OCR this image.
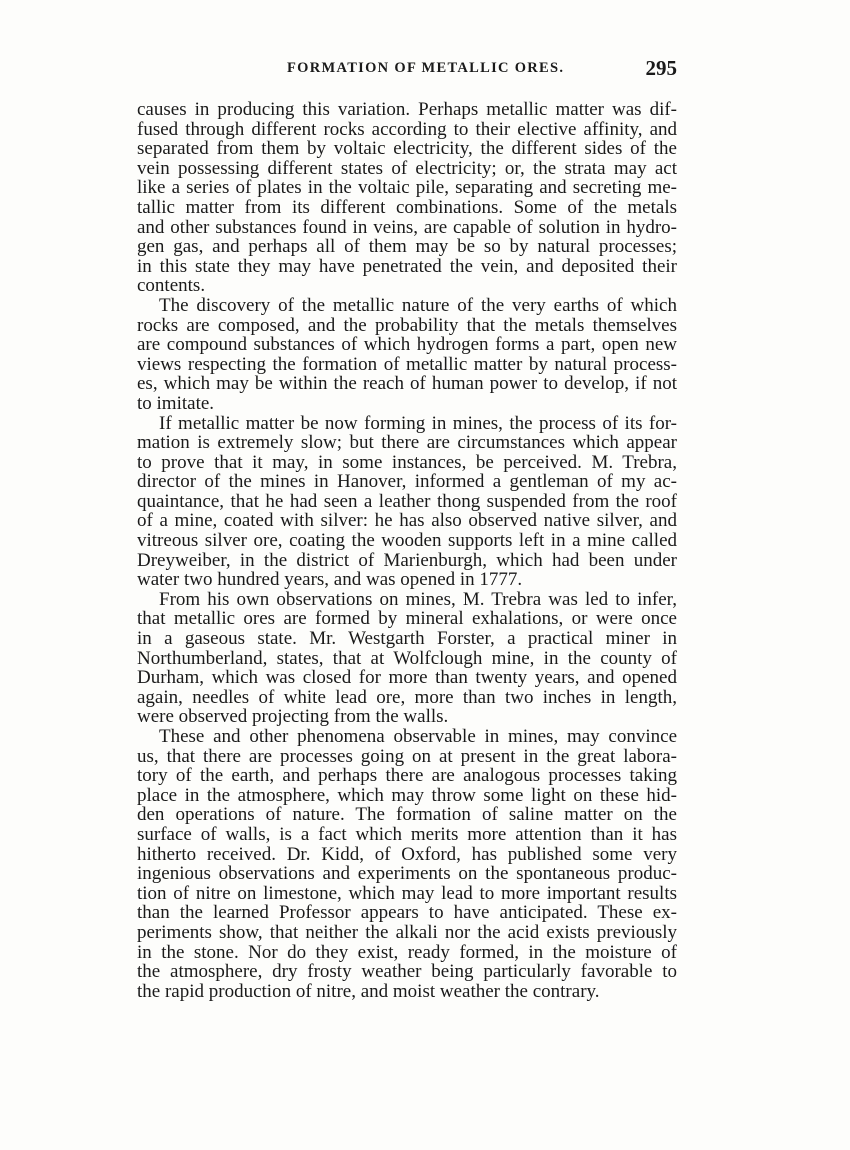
FORMATION OF METALLIC ORES.	295
causes in producing this variation. Perhaps metallic matter was dif-
fused through different rocks according to their elective affinity, and
separated from them by voltaic electricity, the different sides of the
vein possessing different states of electricity; or, the strata may act
like a series of plates in the voltaic pile, separating and secreting me-
tallic matter from its different combinations. Some of the metals
and other substances found in veins, are capable of solution in hydro-
gen gas, and perhaps all of them may be so by natural processes;
in this state they may have penetrated the vein, and deposited their
contents.
The discovery of the metallic nature of the very earths of which
rocks are composed, and the probability that the metals themselves
are compound substances of which hydrogen forms a part, open new
views respecting the formation of metallic matter by natural process-
es, which may be within the reach of human power to develop, if not
to imitate.
If metallic matter be now forming in mines, the process of its for-
mation is extremely slow; but there are circumstances which appear
to prove that it may, in some instances, be perceived. M. Trebra,
director of the mines in Hanover, informed a gentleman of my ac-
quaintance, that he had seen a leather thong suspended from the roof
of a mine, coated with silver: he has also observed native silver, and
vitreous silver ore, coating the wooden supports left in a mine called
Dreyweiber, in the district of Marienburgh, which had been under
water two hundred years, and was opened in 1777.
From his own observations on mines, M. Trebra was led to infer,
that metallic ores are formed by mineral exhalations, or were once
in a gaseous state. Mr. Westgarth Forster, a practical miner in
Northumberland, states, that at Wolfclough mine, in the county of
Durham, which was closed for more than twenty years, and opened
again, needles of white lead ore, more than two inches in length,
were observed projecting from the walls.
These and other phenomena observable in mines, may convince
us, that there are processes going on at present in the great labora-
tory of the earth, and perhaps there are analogous processes taking
place in the atmosphere, which may throw some light on these hid-
den operations of nature. The formation of saline matter on the
surface of walls, is a fact which merits more attention than it has
hitherto received. Dr. Kidd, of Oxford, has published some very
ingenious observations and experiments on the spontaneous produc-
tion of nitre on limestone, which may lead to more important results
than the learned Professor appears to have anticipated. These ex-
periments show, that neither the alkali nor the acid exists previously
in the stone. Nor do they exist, ready formed, in the moisture of
the atmosphere, dry frosty weather being particularly favorable to
the rapid production of nitre, and moist weather the contrary.
